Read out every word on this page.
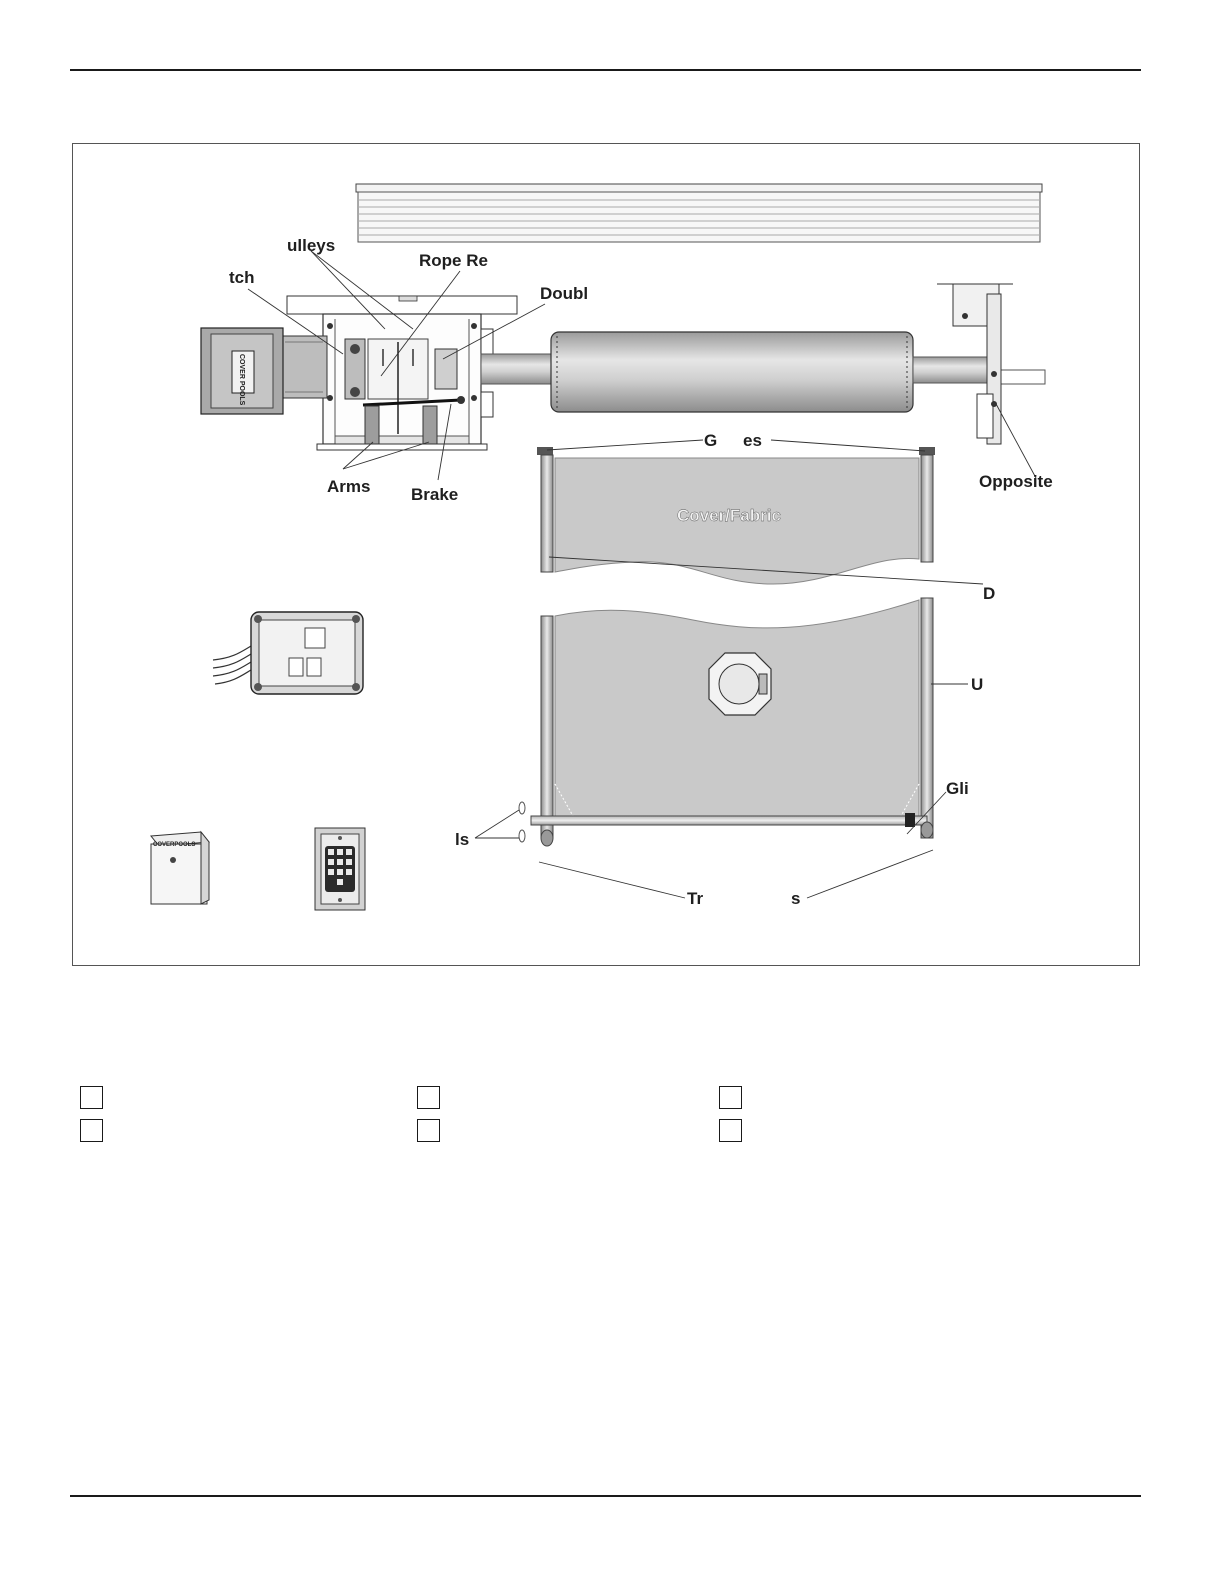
COVER POOLS
COVERPOOLS
ulleys
tch
Rope Re
Doubl
Arms Brake
G es
Opposite
Cover/Fabric
D
U
Gli
ls
Tr	s
